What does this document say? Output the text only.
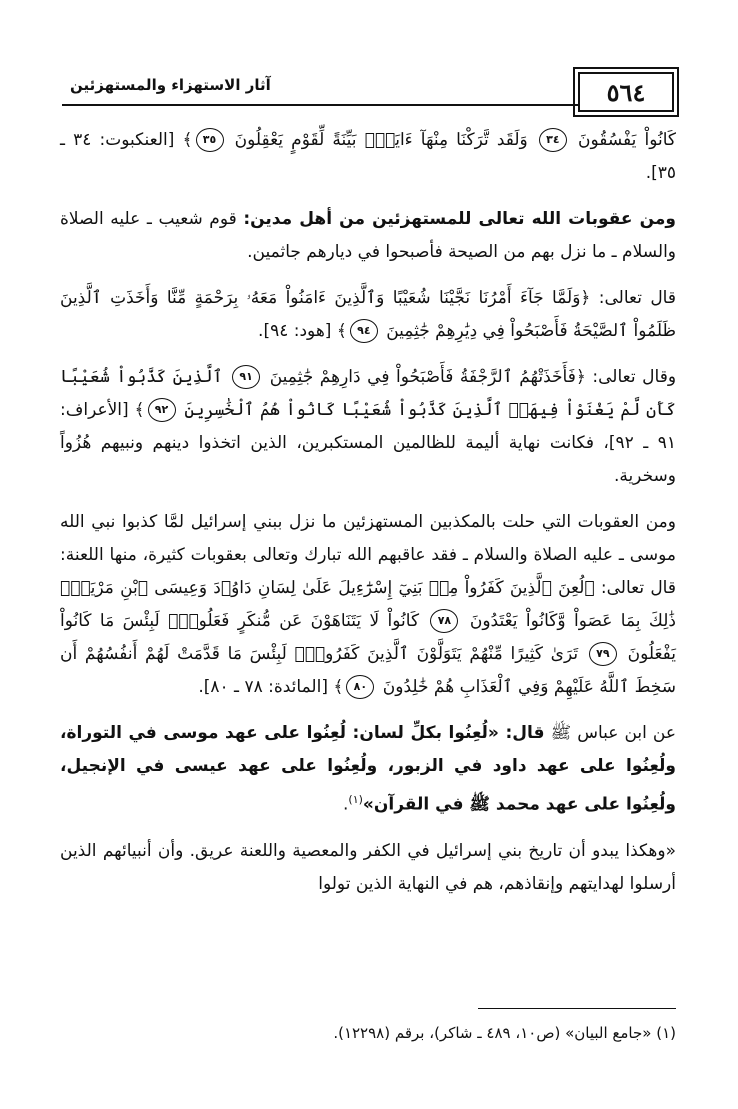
٥٦٤
آثار الاستهزاء والمستهزئين

كَانُواْ يَفْسُقُونَ ٣٤ وَلَقَد تَّرَكْنَا مِنْهَآ ءَايَةَۢ بَيِّنَةً لِّقَوْمٍ يَعْقِلُونَ ٣٥﴾ [العنكبوت: ٣٤ ـ ٣٥].

ومن عقوبات الله تعالى للمستهزئين من أهل مدين: قوم شعيب ـ عليه الصلاة والسلام ـ ما نزل بهم من الصيحة فأصبحوا في ديارهم جاثمين.

قال تعالى: ﴿وَلَمَّا جَآءَ أَمْرُنَا نَجَّيْنَا شُعَيْبًا وَٱلَّذِينَ ءَامَنُواْ مَعَهُۥ بِرَحْمَةٍ مِّنَّا وَأَخَذَتِ ٱلَّذِينَ ظَلَمُواْ ٱلصَّيْحَةُ فَأَصْبَحُواْ فِي دِيَٰرِهِمْ جَٰثِمِينَ ٩٤﴾ [هود: ٩٤].

وقال تعالى: ﴿فَأَخَذَتْهُمُ ٱلرَّجْفَةُ فَأَصْبَحُواْ فِي دَارِهِمْ جَٰثِمِينَ ٩١ ٱلَّذِينَ كَذَّبُواْ شُعَيْبًا كَأَن لَّمْ يَغْنَوْاْ فِيهَاۚ ٱلَّذِينَ كَذَّبُواْ شُعَيْبًا كَانُواْ هُمُ ٱلْخَٰسِرِينَ ٩٢﴾ [الأعراف: ٩١ ـ ٩٢]، فكانت نهاية أليمة للظالمين المستكبرين، الذين اتخذوا دينهم ونبيهم هُزُواً وسخرية.

ومن العقوبات التي حلت بالمكذبين المستهزئين ما نزل ببني إسرائيل لمَّا كذبوا نبي الله موسى ـ عليه الصلاة والسلام ـ فقد عاقبهم الله تبارك وتعالى بعقوبات كثيرة، منها اللعنة: قال تعالى: ﴿لُعِنَ ٱلَّذِينَ كَفَرُواْ مِنۢ بَنِيٓ إِسْرَٰٓءِيلَ عَلَىٰ لِسَانِ دَاوُۥدَ وَعِيسَى ٱبْنِ مَرْيَمَۚ ذَٰلِكَ بِمَا عَصَواْ وَّكَانُواْ يَعْتَدُونَ ٧٨ كَانُواْ لَا يَتَنَاهَوْنَ عَن مُّنكَرٍ فَعَلُوهُۚ لَبِئْسَ مَا كَانُواْ يَفْعَلُونَ ٧٩ تَرَىٰ كَثِيرًا مِّنْهُمْ يَتَوَلَّوْنَ ٱلَّذِينَ كَفَرُواْۚ لَبِئْسَ مَا قَدَّمَتْ لَهُمْ أَنفُسُهُمْ أَن سَخِطَ ٱللَّهُ عَلَيْهِمْ وَفِي ٱلْعَذَابِ هُمْ خَٰلِدُونَ ٨٠﴾ [المائدة: ٧٨ ـ ٨٠].

عن ابن عباس ﷺ قال: «لُعِنُوا بكلِّ لسان: لُعِنُوا على عهد موسى في التوراة، ولُعِنُوا على عهد داود في الزبور، ولُعِنُوا على عهد عيسى في الإنجيل، ولُعِنُوا على عهد محمد ﷺ في القرآن»$^{(١)}$.

«وهكذا يبدو أن تاريخ بني إسرائيل في الكفر والمعصية واللعنة عريق. وأن أنبيائهم الذين أرسلوا لهدايتهم وإنقاذهم، هم في النهاية الذين تولوا

(١) «جامع البيان» (ص١٠، ٤٨٩ ـ شاكر)، برقم (١٢٢٩٨).
